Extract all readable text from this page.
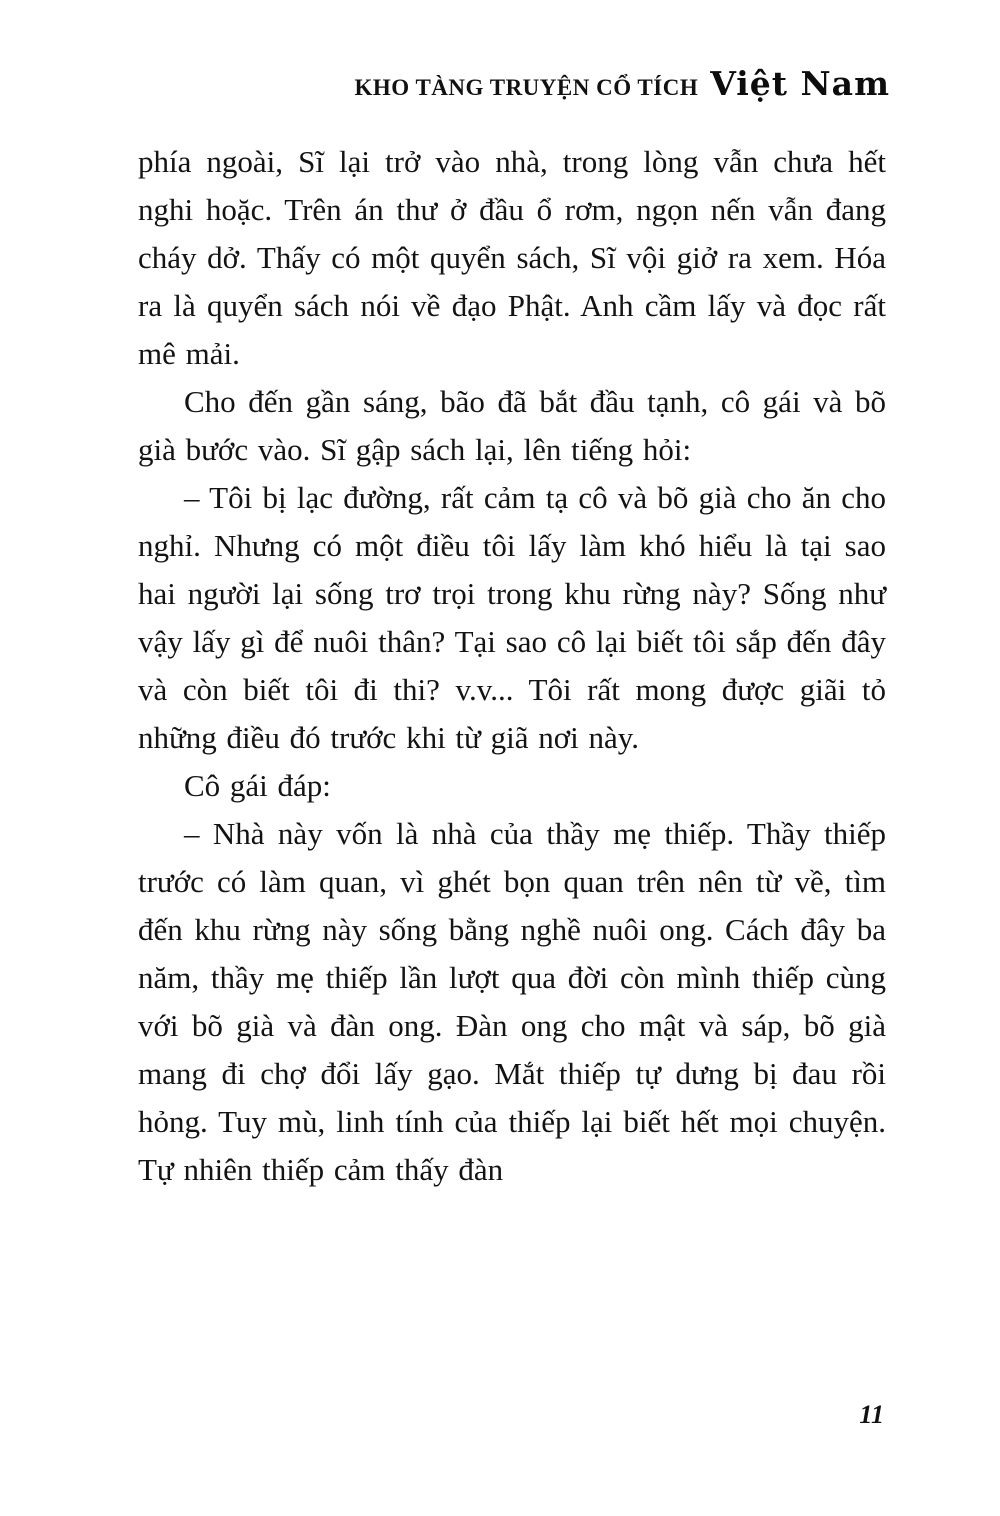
KHO TÀNG TRUYỆN CỔ TÍCH Việt Nam

phía ngoài, Sĩ lại trở vào nhà, trong lòng vẫn chưa hết nghi hoặc. Trên án thư ở đầu ổ rơm, ngọn nến vẫn đang cháy dở. Thấy có một quyển sách, Sĩ vội giở ra xem. Hóa ra là quyển sách nói về đạo Phật. Anh cầm lấy và đọc rất mê mải.

Cho đến gần sáng, bão đã bắt đầu tạnh, cô gái và bõ già bước vào. Sĩ gập sách lại, lên tiếng hỏi:

– Tôi bị lạc đường, rất cảm tạ cô và bõ già cho ăn cho nghỉ. Nhưng có một điều tôi lấy làm khó hiểu là tại sao hai người lại sống trơ trọi trong khu rừng này? Sống như vậy lấy gì để nuôi thân? Tại sao cô lại biết tôi sắp đến đây và còn biết tôi đi thi? v.v... Tôi rất mong được giãi tỏ những điều đó trước khi từ giã nơi này.

Cô gái đáp:

– Nhà này vốn là nhà của thầy mẹ thiếp. Thầy thiếp trước có làm quan, vì ghét bọn quan trên nên từ về, tìm đến khu rừng này sống bằng nghề nuôi ong. Cách đây ba năm, thầy mẹ thiếp lần lượt qua đời còn mình thiếp cùng với bõ già và đàn ong. Đàn ong cho mật và sáp, bõ già mang đi chợ đổi lấy gạo. Mắt thiếp tự dưng bị đau rồi hỏng. Tuy mù, linh tính của thiếp lại biết hết mọi chuyện. Tự nhiên thiếp cảm thấy đàn

11
